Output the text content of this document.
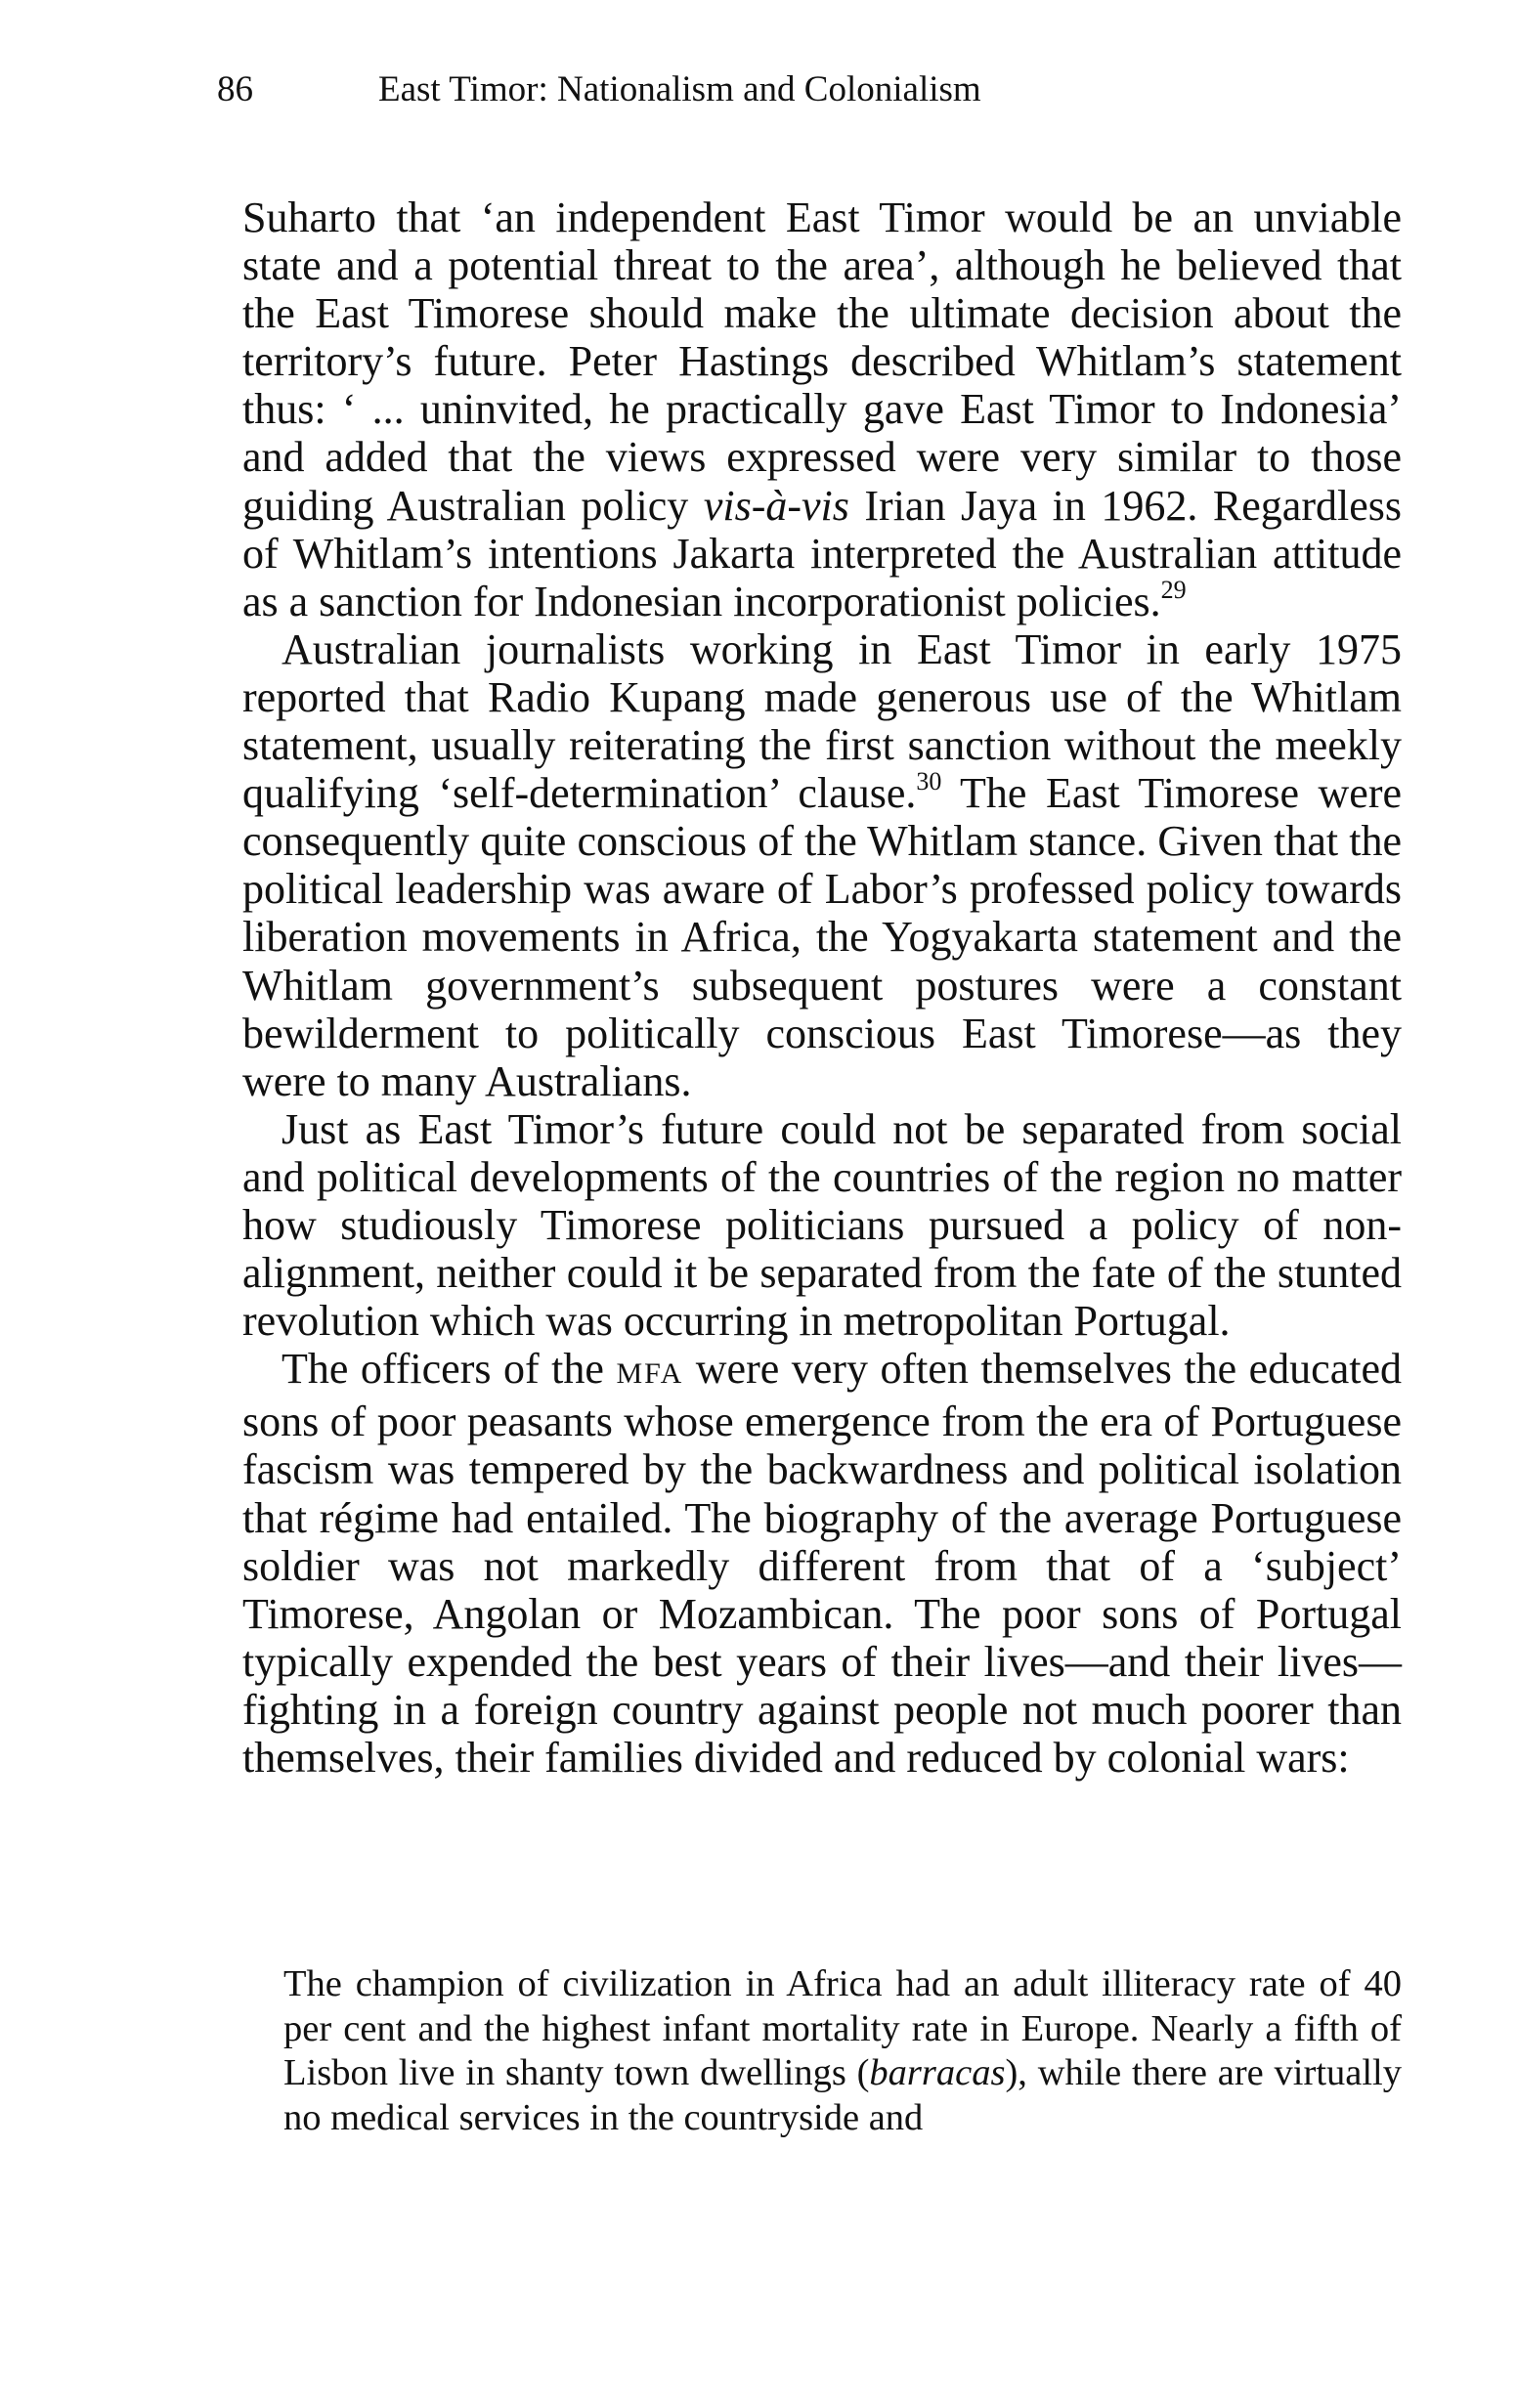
86	East Timor: Nationalism and Colonialism

Suharto that ‘an independent East Timor would be an unviable state and a potential threat to the area’, although he believed that the East Timorese should make the ultimate decision about the territory’s future. Peter Hastings described Whitlam’s statement thus: ‘ ... uninvited, he practically gave East Timor to Indonesia’ and added that the views expressed were very similar to those guiding Australian policy vis-à-vis Irian Jaya in 1962. Regardless of Whitlam’s intentions Jakarta interpreted the Australian attitude as a sanction for Indonesian incorporationist policies.$^{29}$

Australian journalists working in East Timor in early 1975 reported that Radio Kupang made generous use of the Whitlam statement, usually reiterating the first sanction without the meekly qualifying ‘self-determination’ clause.$^{30}$ The East Timorese were consequently quite conscious of the Whitlam stance. Given that the political leadership was aware of Labor’s professed policy towards liberation movements in Africa, the Yogyakarta statement and the Whitlam government’s subsequent postures were a constant bewilderment to politically conscious East Timorese—as they were to many Australians.

Just as East Timor’s future could not be separated from social and political developments of the countries of the region no matter how studiously Timorese politicians pursued a policy of non-alignment, neither could it be separated from the fate of the stunted revolution which was occurring in metropolitan Portugal.

The officers of the MFA were very often themselves the educated sons of poor peasants whose emergence from the era of Portuguese fascism was tempered by the backwardness and political isolation that régime had entailed. The biography of the average Portuguese soldier was not markedly different from that of a ‘subject’ Timorese, Angolan or Mozambican. The poor sons of Portugal typically expended the best years of their lives—and their lives—fighting in a foreign country against people not much poorer than themselves, their families divided and reduced by colonial wars:

The champion of civilization in Africa had an adult illiteracy rate of 40 per cent and the highest infant mortality rate in Europe. Nearly a fifth of Lisbon live in shanty town dwellings (barracas), while there are virtually no medical services in the countryside and
